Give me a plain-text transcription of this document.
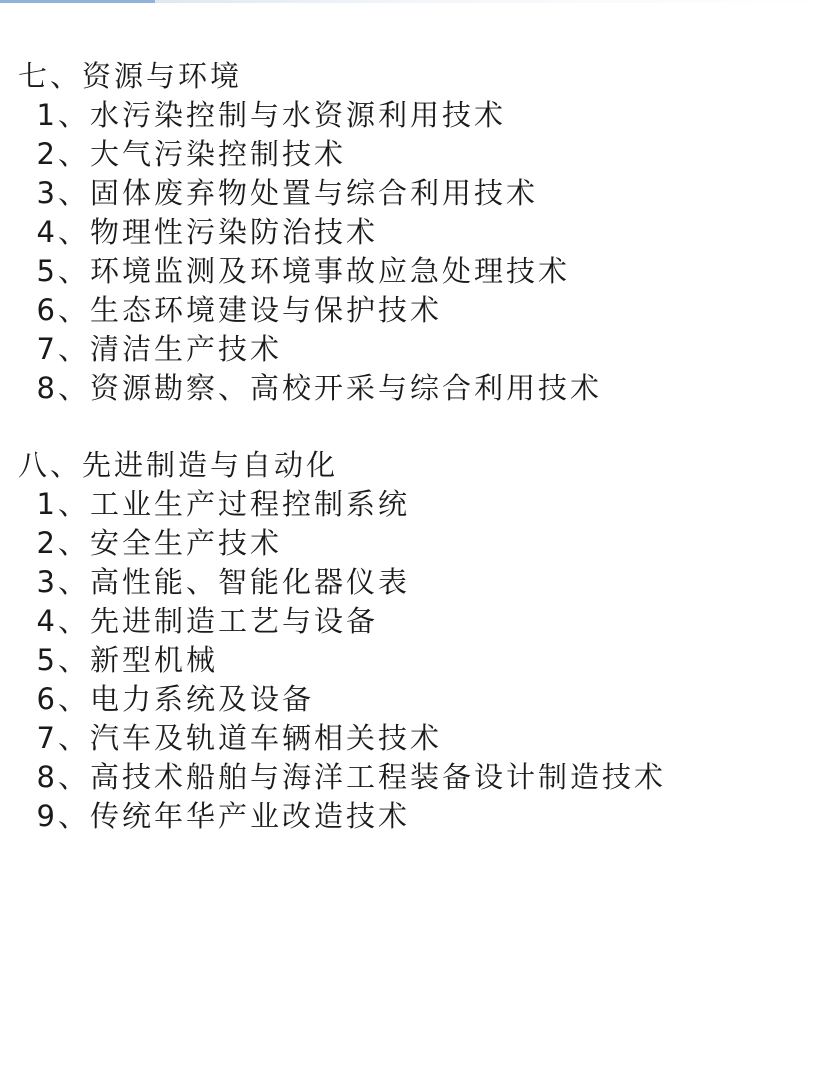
七、资源与环境
1 、 水污染控制与水资源利用技术
2 、 大气污染控制技术
3 、 固体废弃物处置与综合利用技术
4 、 物理性污染防治技术
5 、 环境监测及环境事故应急处理技术
6 、 生态环境建设与保护技术
7 、 清洁生产技术
8 、 资源勘察、高校开采与综合利用技术
八、先进制造与自动化
1 、 工业生产过程控制系统
2 、 安全生产技术
3 、 高性能、智能化器仪表
4 、 先进制造工艺与设备
5 、 新型机械
6 、 电力系统及设备
7 、 汽车及轨道车辆相关技术
8 、 高技术船舶与海洋工程装备设计制造技术
9 、 传统年华产业改造技术
